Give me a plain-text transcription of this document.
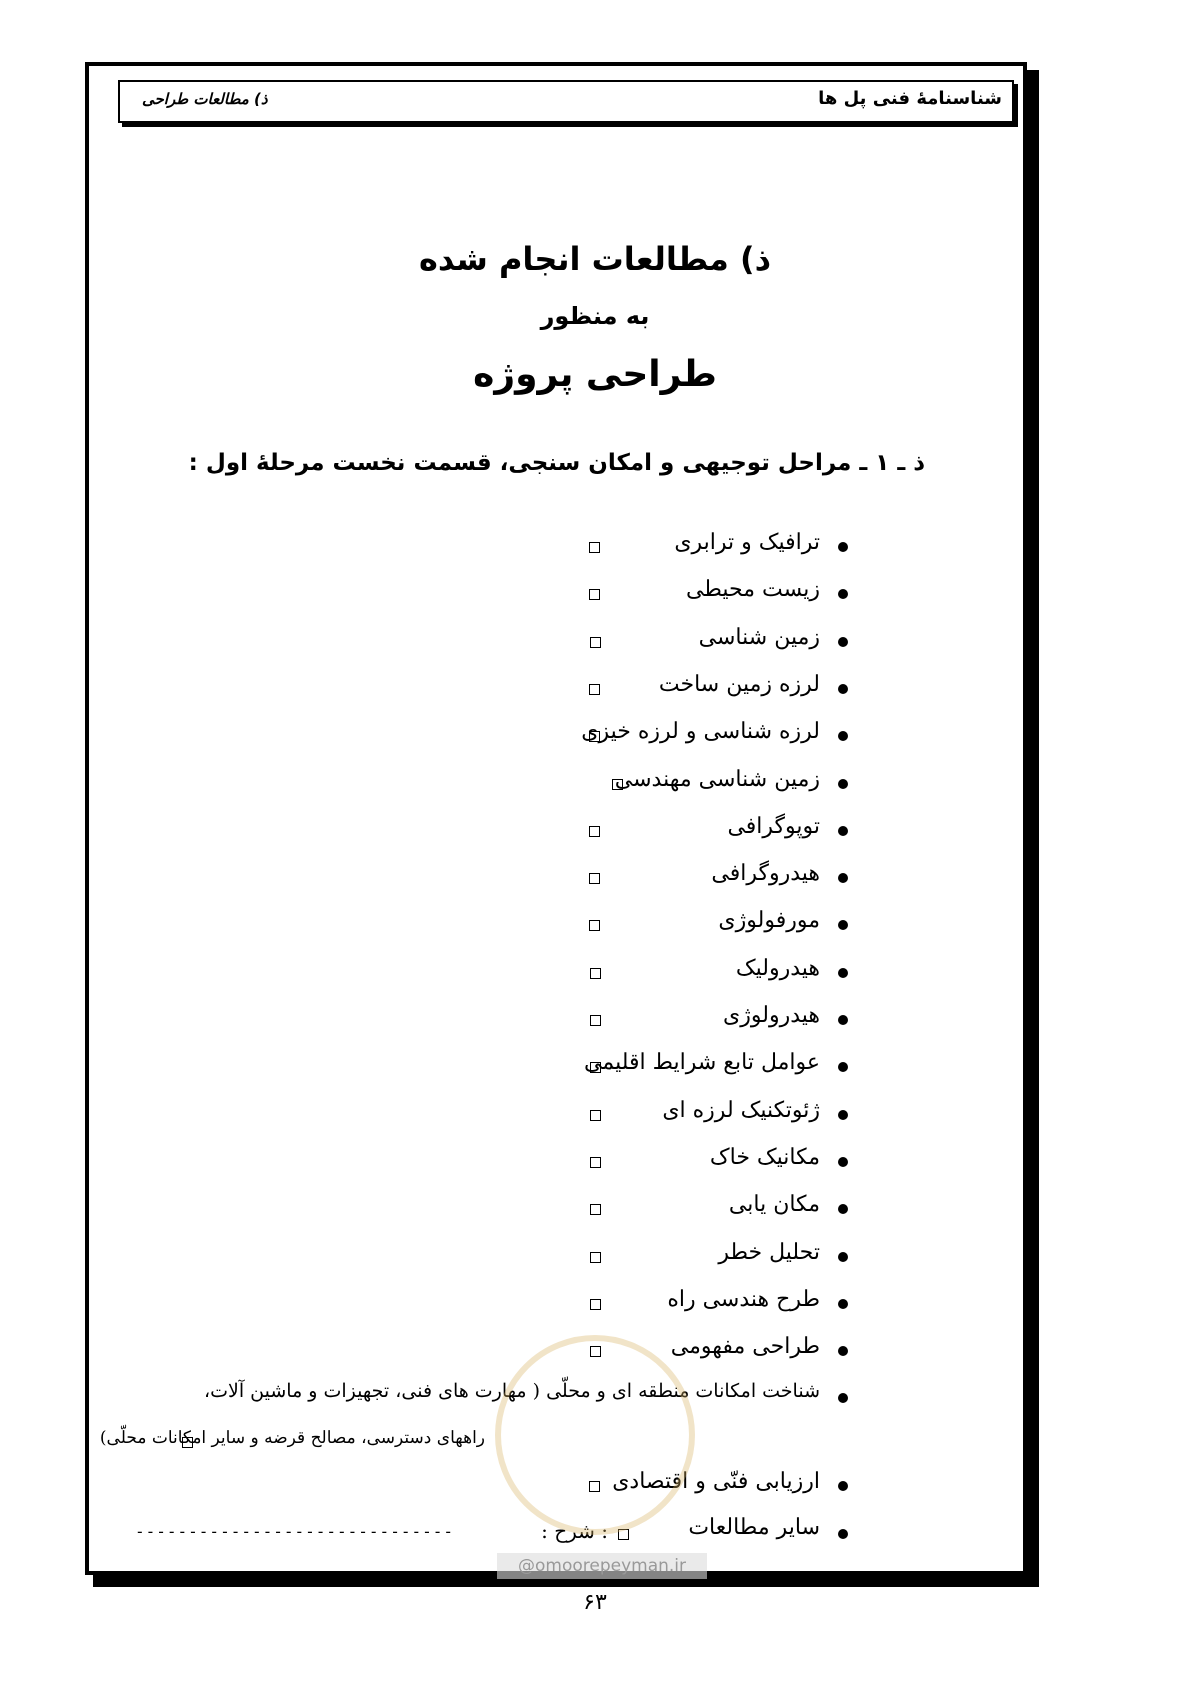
شناسنامهٔ فنی پل ها
ذ) مطالعات طراحی
ذ) مطالعات انجام شده
به منظور
طراحی پروژه
ذ ـ ۱ ـ مراحل توجیهی و امکان سنجی، قسمت نخست مرحلهٔ اول :
ترافیک و ترابری
زیست محیطی
زمین شناسی
لرزه زمین ساخت
لرزه شناسی و لرزه خیزی
زمین شناسی مهندسی
توپوگرافی
هیدروگرافی
مورفولوژی
هیدرولیک
هیدرولوژی
عوامل تابع شرایط اقلیمی
ژئوتکنیک لرزه ای
مکانیک خاک
مکان یابی
تحلیل خطر
طرح هندسی راه
طراحی مفهومی
شناخت امکانات منطقه ای و محلّی ( مهارت های فنی، تجهیزات و ماشین آلات،
راههای دسترسی، مصالح قرضه و سایر امکانات محلّی)
ارزیابی فنّی و اقتصادی
سایر مطالعات
: شرح :
------------------------------
@omoorepeyman.ir
۶۳
